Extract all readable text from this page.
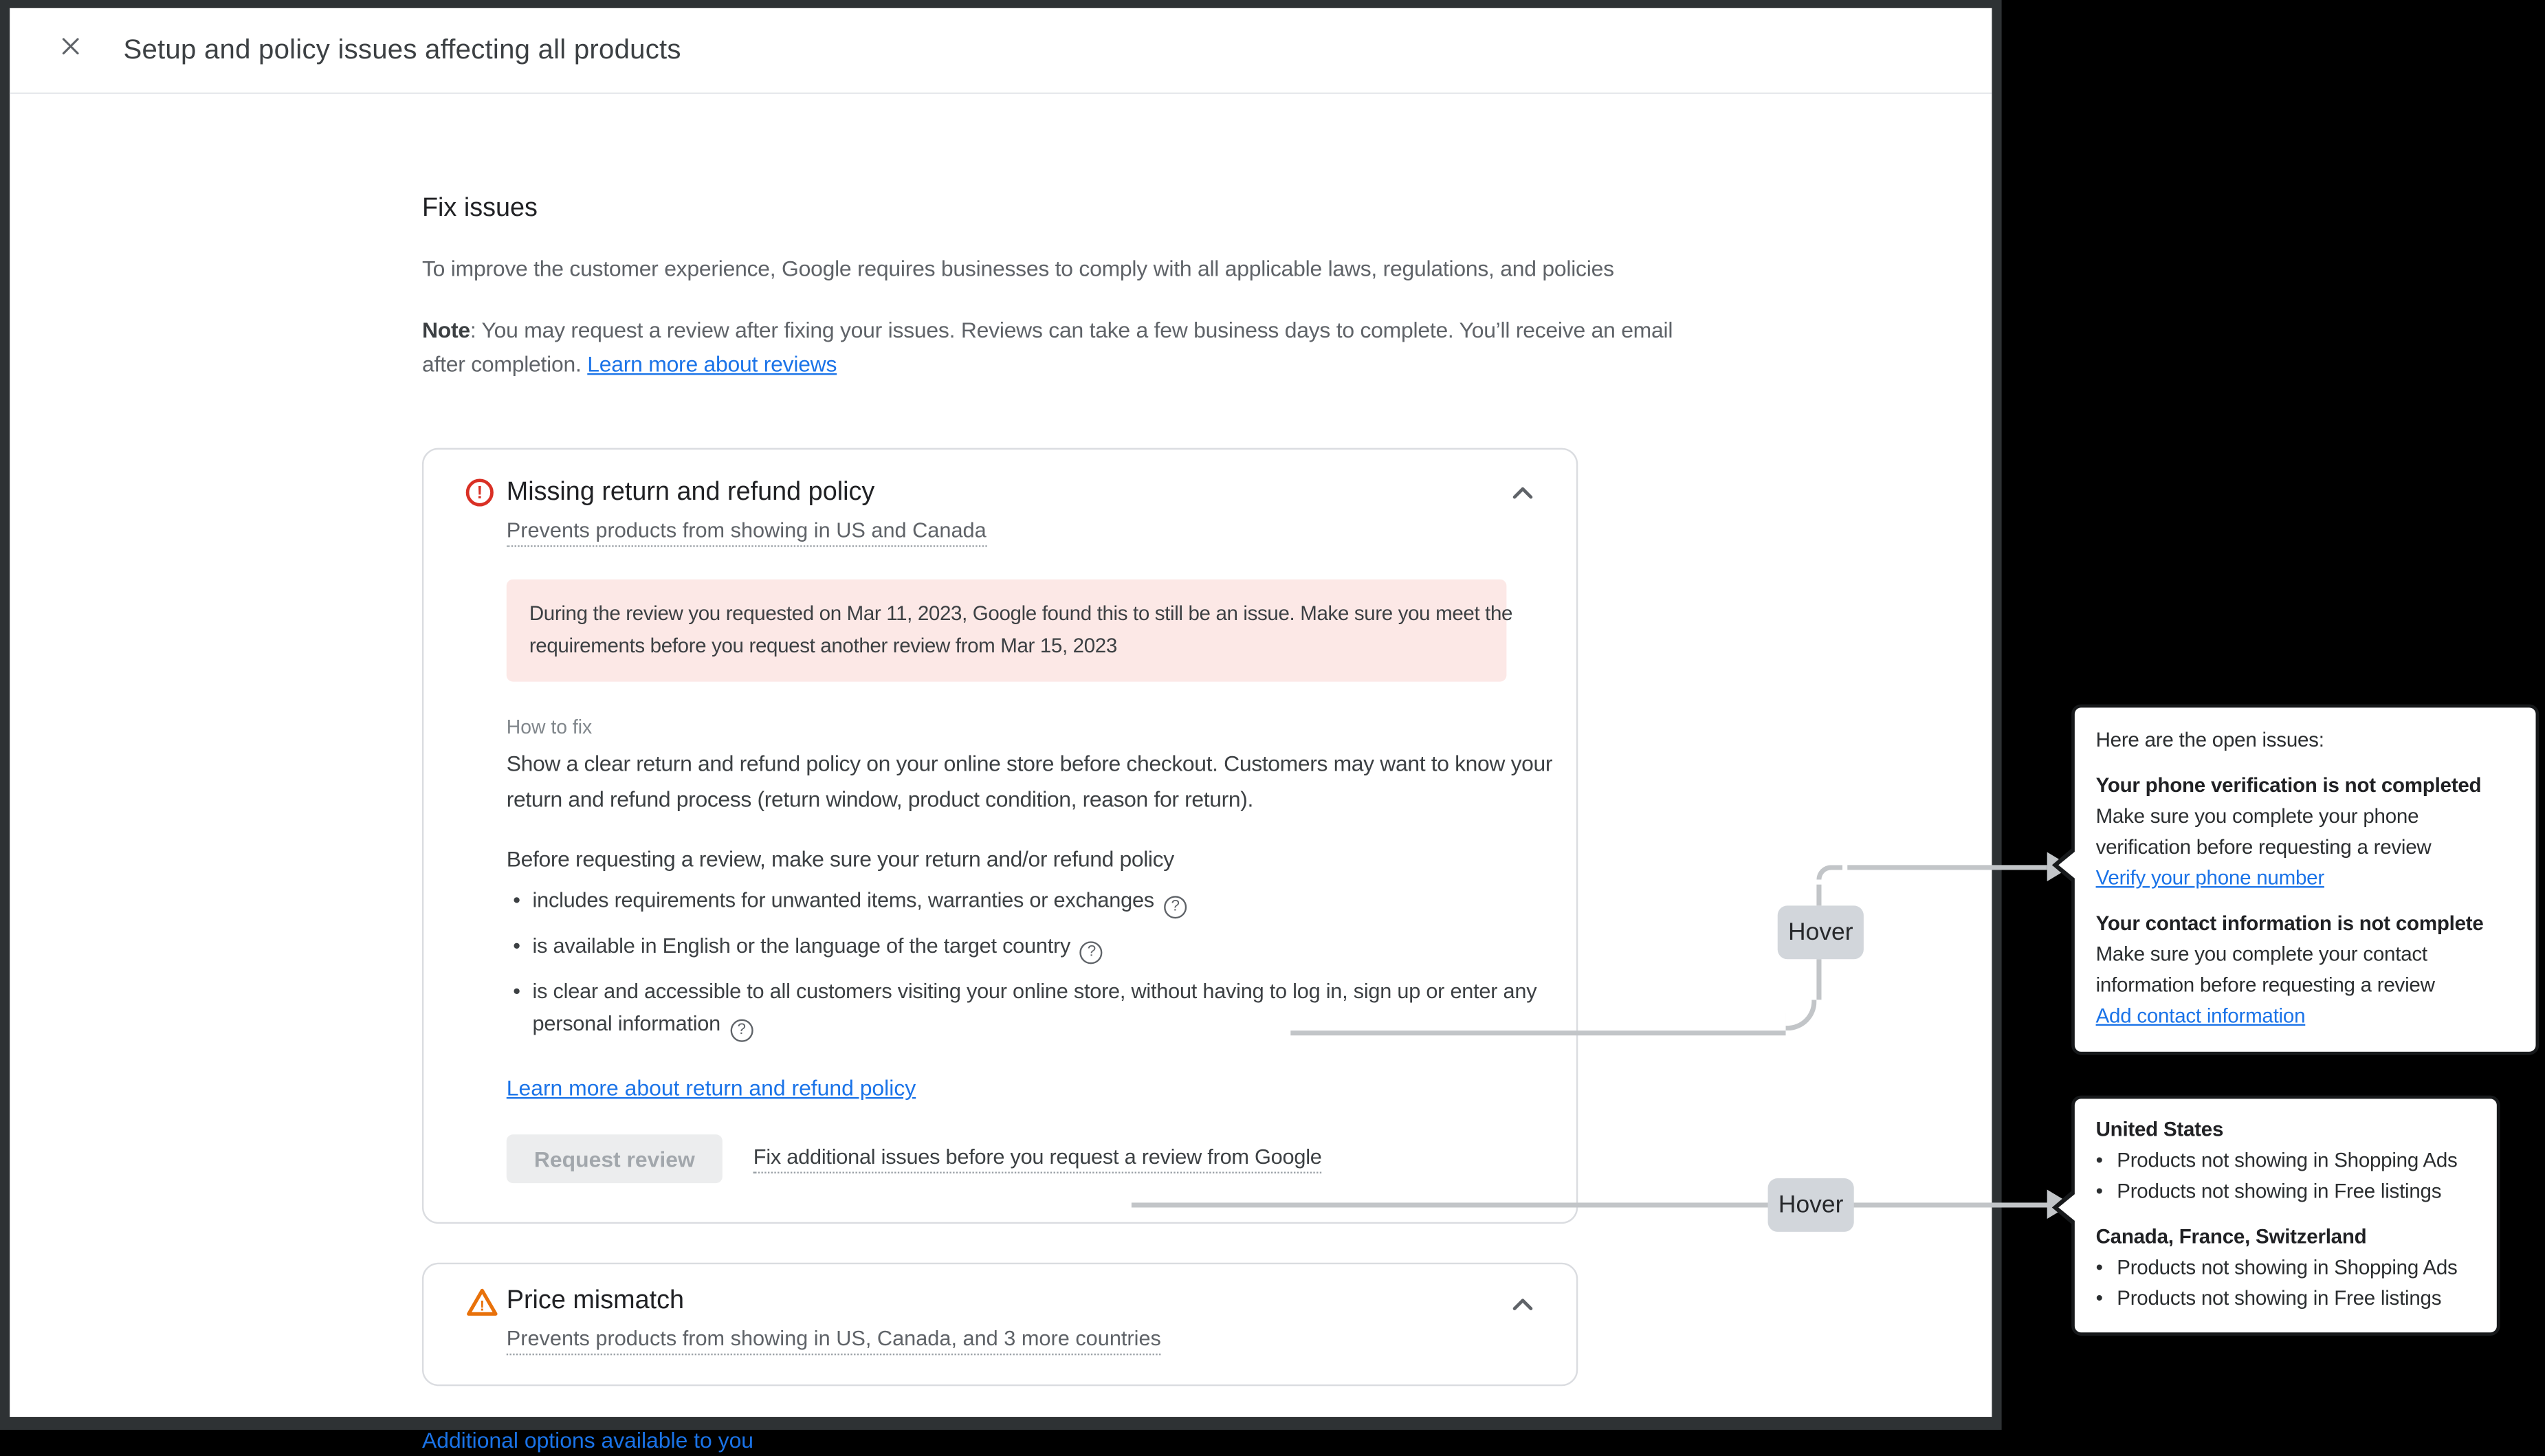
Setup and policy issues affecting all products
Fix issues
To improve the customer experience, Google requires businesses to comply with all applicable laws, regulations, and policies
Note: You may request a review after fixing your issues. Reviews can take a few business days to complete. You’ll receive an email
after completion. Learn more about reviews
! Missing return and refund policy
Prevents products from showing in US and Canada
During the review you requested on Mar 11, 2023, Google found this to still be an issue. Make sure you meet the
requirements before you request another review from Mar 15, 2023
How to fix
Show a clear return and refund policy on your online store before checkout. Customers may want to know your
return and refund process (return window, product condition, reason for return).
Before requesting a review, make sure your return and/or refund policy
•	includes requirements for unwanted items, warranties or exchanges	?
•	is available in English or the language of the target country	?
•	is clear and accessible to all customers visiting your online store, without having to log in, sign up or enter any
personal information	?
Learn more about return and refund policy
Request review	Fix additional issues before you request a review from Google
! Price mismatch
Prevents products from showing in US, Canada, and 3 more countries
Additional options available to you
Hover
Hover
Here are the open issues:
Your phone verification is not completed
Make sure you complete your phone
verification before requesting a review
Verify your phone number
Your contact information is not complete
Make sure you complete your contact
information before requesting a review
Add contact information
United States
•	Products not showing in Shopping Ads
•	Products not showing in Free listings
Canada, France, Switzerland
•	Products not showing in Shopping Ads
•	Products not showing in Free listings
